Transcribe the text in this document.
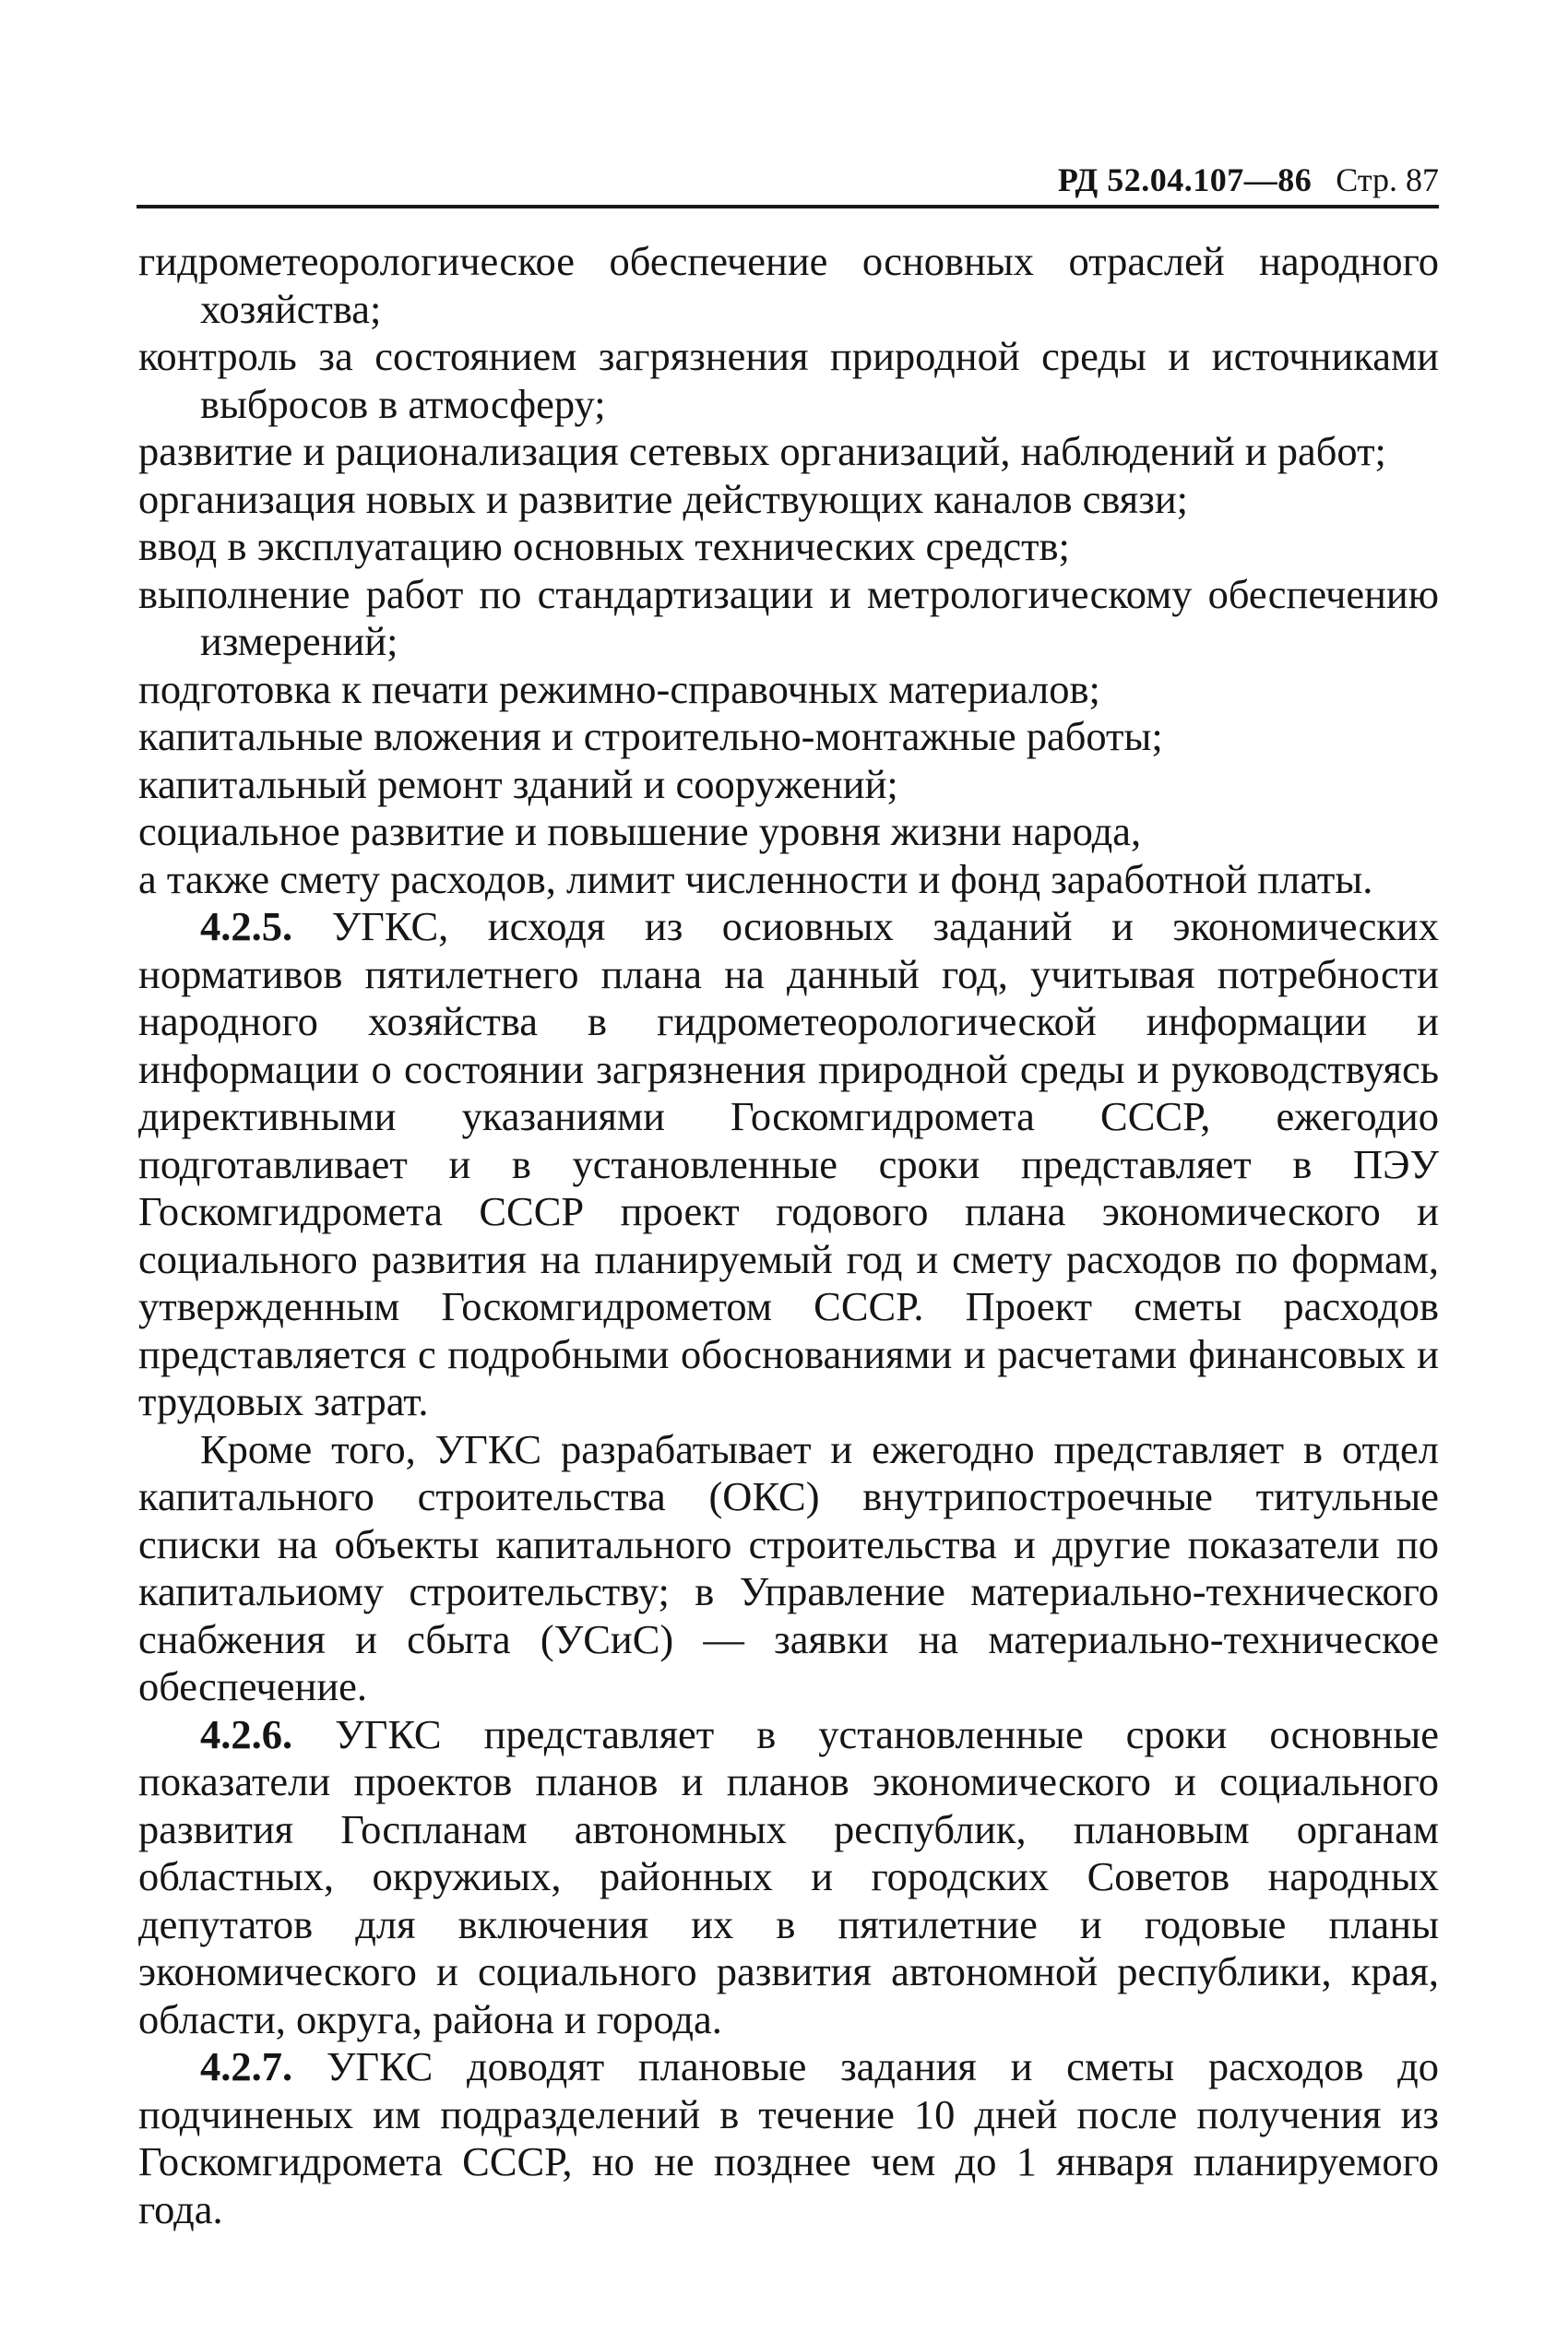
РД 52.04.107—86 Стр. 87

гидрометеорологическое обеспечение основных отраслей народного хозяйства;

контроль за состоянием загрязнения природной среды и источниками выбросов в атмосферу;

развитие и рационализация сетевых организаций, наблюдений и работ;

организация новых и развитие действующих каналов связи;

ввод в эксплуатацию основных технических средств;

выполнение работ по стандартизации и метрологическому обеспечению измерений;

подготовка к печати режимно-справочных материалов;

капитальные вложения и строительно-монтажные работы;

капитальный ремонт зданий и сооружений;

социальное развитие и повышение уровня жизни народа,

а также смету расходов, лимит численности и фонд заработной платы.

4.2.5. УГКС, исходя из осиовных заданий и экономических нормативов пятилетнего плана на данный год, учитывая потребности народного хозяйства в гидрометеорологической информации и информации о состоянии загрязнения природной среды и руководствуясь директивными указаниями Госкомгидромета СССР, ежегодио подготавливает и в установленные сроки представляет в ПЭУ Госкомгидромета СССР проект годового плана экономического и социального развития на планируемый год и смету расходов по формам, утвержденным Госкомгидрометом СССР. Проект сметы расходов представляется с подробными обоснованиями и расчетами финансовых и трудовых затрат.

Кроме того, УГКС разрабатывает и ежегодно представляет в отдел капитального строительства (ОКС) внутрипостроечные титульные списки на объекты капитального строительства и другие показатели по капитальиому строительству; в Управление материально-технического снабжения и сбыта (УСиС) — заявки на материально-техническое обеспечение.

4.2.6. УГКС представляет в установленные сроки основные показатели проектов планов и планов экономического и социального развития Госпланам автономных республик, плановым органам областных, окружиых, районных и городских Советов народных депутатов для включения их в пятилетние и годовые планы экономического и социального развития автономной республики, края, области, округа, района и города.

4.2.7. УГКС доводят плановые задания и сметы расходов до подчиненых им подразделений в течение 10 дней после получения из Госкомгидромета СССР, но не позднее чем до 1 января планируемого года.
